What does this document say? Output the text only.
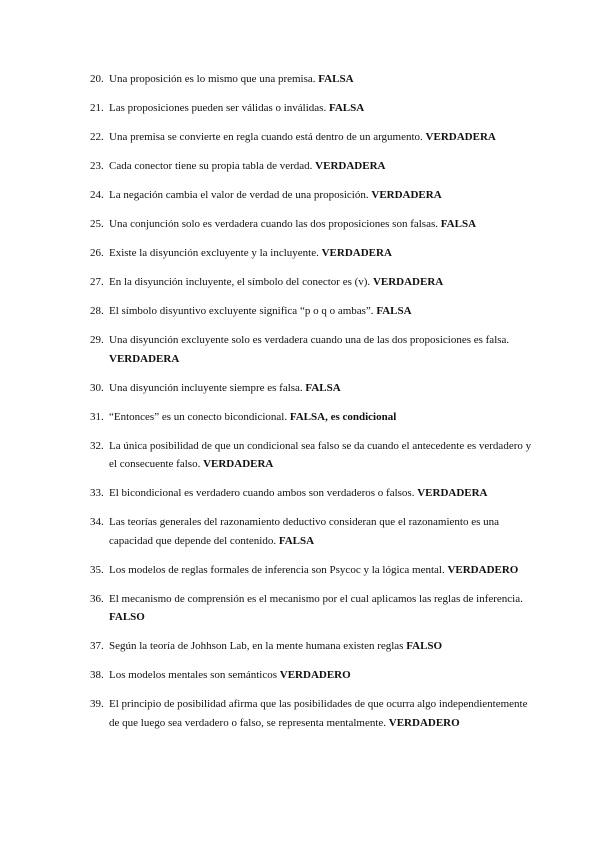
20. Una proposición es lo mismo que una premisa. FALSA
21. Las proposiciones pueden ser válidas o inválidas. FALSA
22. Una premisa se convierte en regla cuando está dentro de un argumento. VERDADERA
23. Cada conector tiene su propia tabla de verdad. VERDADERA
24. La negación cambia el valor de verdad de una proposición. VERDADERA
25. Una conjunción solo es verdadera cuando las dos proposiciones son falsas. FALSA
26. Existe la disyunción excluyente y la incluyente. VERDADERA
27. En la disyunción incluyente, el símbolo del conector es (v). VERDADERA
28. El símbolo disyuntivo excluyente significa “p o q o ambas”. FALSA
29. Una disyunción excluyente solo es verdadera cuando una de las dos proposiciones es falsa. VERDADERA
30. Una disyunción incluyente siempre es falsa. FALSA
31. “Entonces” es un conecto bicondicional. FALSA, es condicional
32. La única posibilidad de que un condicional sea falso se da cuando el antecedente es verdadero y el consecuente falso. VERDADERA
33. El bicondicional es verdadero cuando ambos son verdaderos o falsos. VERDADERA
34. Las teorías generales del razonamiento deductivo consideran que el razonamiento es una capacidad que depende del contenido. FALSA
35. Los modelos de reglas formales de inferencia son Psycoc y la lógica mental. VERDADERO
36. El mecanismo de comprensión es el mecanismo por el cual aplicamos las reglas de inferencia. FALSO
37. Según la teoría de Johhson Lab, en la mente humana existen reglas FALSO
38. Los modelos mentales son semánticos VERDADERO
39. El principio de posibilidad afirma que las posibilidades de que ocurra algo independientemente de que luego sea verdadero o falso, se representa mentalmente. VERDADERO
